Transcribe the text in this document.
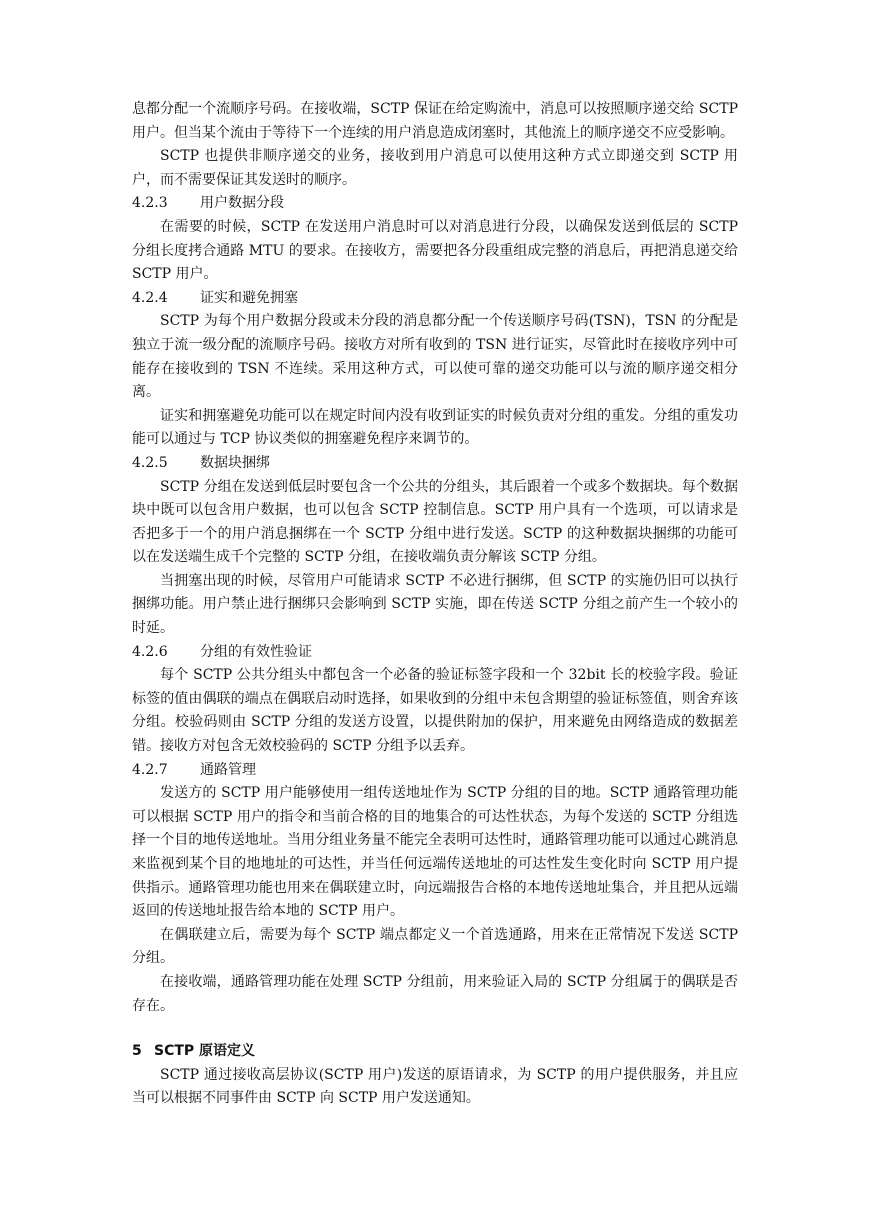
息都分配一个流顺序号码。在接收端，SCTP 保证在给定购流中，消息可以按照顺序递交给 SCTP 用户。但当某个流由于等待下一个连续的用户消息造成闭塞时，其他流上的顺序递交不应受影响。

SCTP 也提供非顺序递交的业务，接收到用户消息可以使用这种方式立即递交到 SCTP 用户，而不需要保证其发送时的顺序。

4.2.3 用户数据分段

在需要的时候，SCTP 在发送用户消息时可以对消息进行分段，以确保发送到低层的 SCTP 分组长度拷合通路 MTU 的要求。在接收方，需要把各分段重组成完整的消息后，再把消息递交给 SCTP 用户。

4.2.4 证实和避免拥塞

SCTP 为每个用户数据分段或未分段的消息都分配一个传送顺序号码(TSN)，TSN 的分配是独立于流一级分配的流顺序号码。接收方对所有收到的 TSN 进行证实，尽管此时在接收序列中可能存在接收到的 TSN 不连续。采用这种方式，可以使可靠的递交功能可以与流的顺序递交相分离。

证实和拥塞避免功能可以在规定时间内没有收到证实的时候负责对分组的重发。分组的重发功能可以通过与 TCP 协议类似的拥塞避免程序来调节的。

4.2.5 数据块捆绑

SCTP 分组在发送到低层时要包含一个公共的分组头，其后跟着一个或多个数据块。每个数据块中既可以包含用户数据，也可以包含 SCTP 控制信息。SCTP 用户具有一个选项，可以请求是否把多于一个的用户消息捆绑在一个 SCTP 分组中进行发送。SCTP 的这种数据块捆绑的功能可以在发送端生成千个完整的 SCTP 分组，在接收端负责分解该 SCTP 分组。

当拥塞出现的时候，尽管用户可能请求 SCTP 不必进行捆绑，但 SCTP 的实施仍旧可以执行捆绑功能。用户禁止进行捆绑只会影响到 SCTP 实施，即在传送 SCTP 分组之前产生一个较小的时延。

4.2.6 分组的有效性验证

每个 SCTP 公共分组头中都包含一个必备的验证标签字段和一个 32bit 长的校验字段。验证标签的值由偶联的端点在偶联启动时选择，如果收到的分组中未包含期望的验证标签值，则舍弃该分组。校验码则由 SCTP 分组的发送方设置，以提供附加的保护，用来避免由网络造成的数据差错。接收方对包含无效校验码的 SCTP 分组予以丢弃。

4.2.7 通路管理

发送方的 SCTP 用户能够使用一组传送地址作为 SCTP 分组的目的地。SCTP 通路管理功能可以根据 SCTP 用户的指令和当前合格的目的地集合的可达性状态，为每个发送的 SCTP 分组选择一个目的地传送地址。当用分组业务量不能完全表明可达性时，通路管理功能可以通过心跳消息来监视到某个目的地地址的可达性，并当任何远端传送地址的可达性发生变化时向 SCTP 用户提供指示。通路管理功能也用来在偶联建立时，向远端报告合格的本地传送地址集合，并且把从远端返回的传送地址报告给本地的 SCTP 用户。

在偶联建立后，需要为每个 SCTP 端点都定义一个首选通路，用来在正常情况下发送 SCTP 分组。

在接收端，通路管理功能在处理 SCTP 分组前，用来验证入局的 SCTP 分组属于的偶联是否存在。

5 SCTP 原语定义

SCTP 通过接收高层协议(SCTP 用户)发送的原语请求，为 SCTP 的用户提供服务，并且应当可以根据不同事件由 SCTP 向 SCTP 用户发送通知。
